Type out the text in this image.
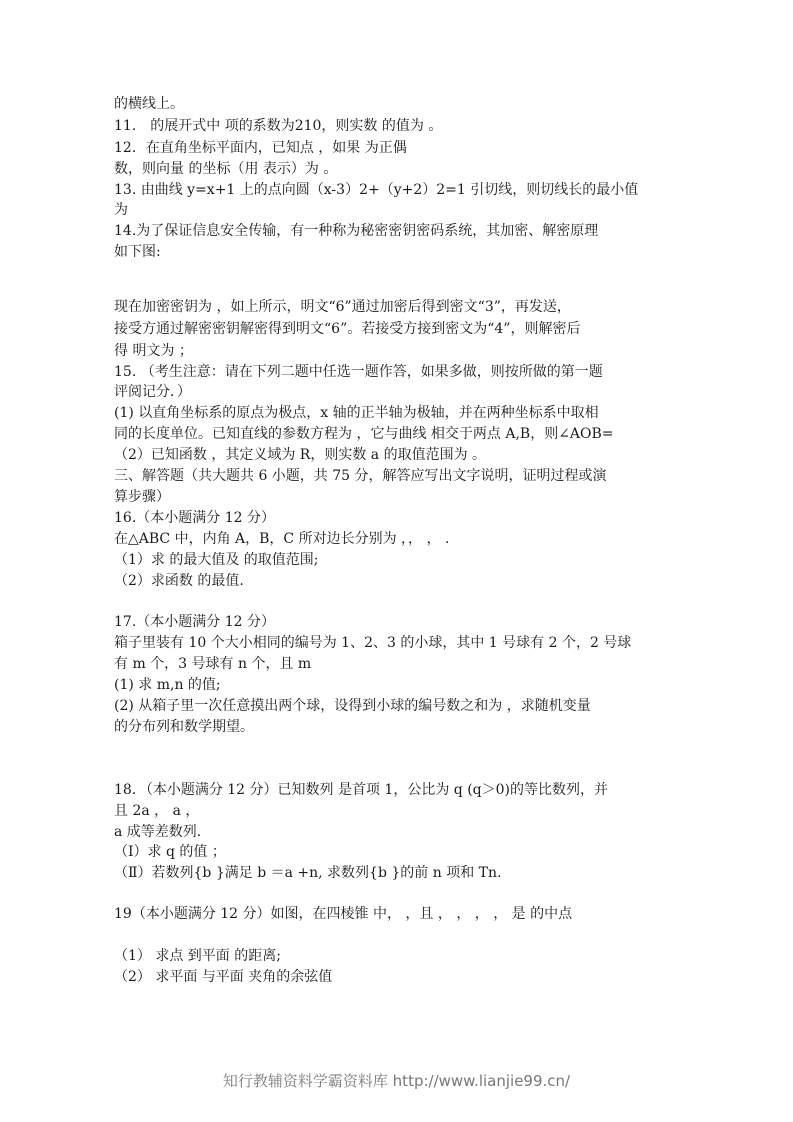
的横线上。
11.　的展开式中 项的系数为210，则实数 的值为 。
12．在直角坐标平面内，已知点 ，如果 为正偶
数，则向量 的坐标（用 表示）为 。
13. 由曲线 y=x+1 上的点向圆（x-3）2+（y+2）2=1 引切线，则切线长的最小值
为
14.为了保证信息安全传输，有一种称为秘密密钥密码系统，其加密、解密原理
如下图:
现在加密密钥为 ，如上所示，明文“6”通过加密后得到密文“3”，再发送，
接受方通过解密密钥解密得到明文“6”。若接受方接到密文为“4”，则解密后
得 明文为 ；
15. （考生注意：请在下列二题中任选一题作答，如果多做，则按所做的第一题
评阅记分．）
(1) 以直角坐标系的原点为极点，x 轴的正半轴为极轴，并在两种坐标系中取相
同的长度单位。已知直线的参数方程为 ，它与曲线 相交于两点 A,B，则∠AOB=
（2）已知函数 ，其定义域为 R，则实数 a 的取值范围为 。
三、解答题（共大题共 6 小题，共 75 分，解答应写出文字说明，证明过程或演
算步骤）
16.（本小题满分 12 分）
在△ABC 中，内角 A，B，C 所对边长分别为 ，， ， .
（1）求 的最大值及 的取值范围;
（2）求函数 的最值.
17.（本小题满分 12 分）
箱子里装有 10 个大小相同的编号为 1、2、3 的小球，其中 1 号球有 2 个，2 号球
有 m 个，3 号球有 n 个，且 m
(1) 求 m,n 的值;
(2) 从箱子里一次任意摸出两个球，设得到小球的编号数之和为 ，求随机变量
的分布列和数学期望。
18．（本小题满分 12 分）已知数列 是首项 1，公比为 q (q＞0)的等比数列，并
且 2a ， a ，
a 成等差数列.
（Ⅰ）求 q 的值 ；
（Ⅱ）若数列{b }满足 b ＝a +n, 求数列{b }的前 n 项和 Tn.
19（本小题满分 12 分）如图，在四棱锥 中， ，且 ， ， ， ， 是 的中点
（1） 求点 到平面 的距离;
（2） 求平面 与平面 夹角的余弦值
知行教辅资料学霸资料库 http://www.lianjie99.cn/
